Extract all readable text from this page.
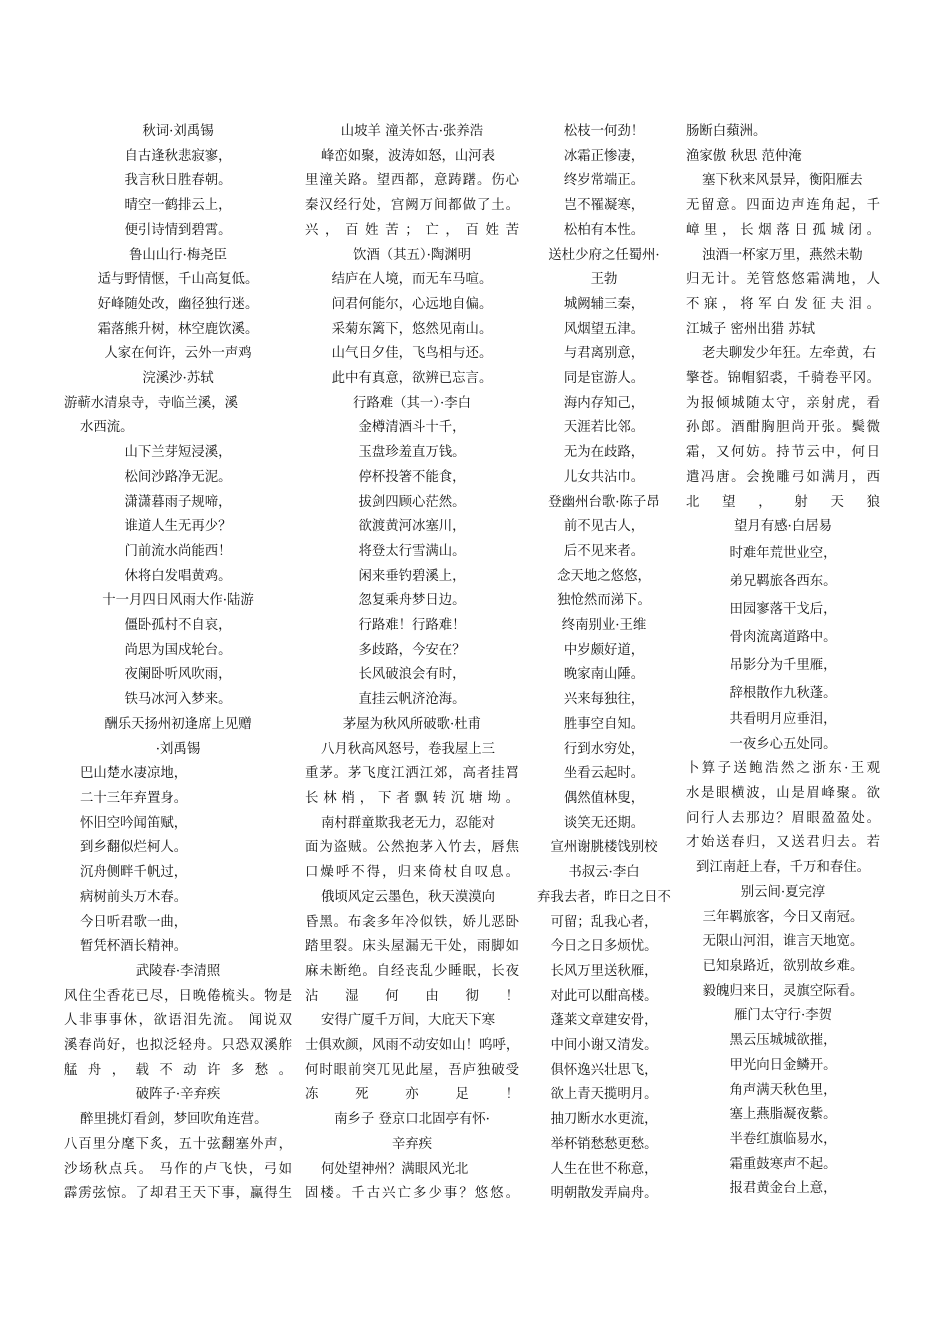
秋词·刘禹锡

自古逢秋悲寂寥，

我言秋日胜春朝。

晴空一鹤排云上，

便引诗情到碧霄。

鲁山山行·梅尧臣

适与野情惬，千山高复低。

好峰随处改，幽径独行迷。

霜落熊升树，林空鹿饮溪。

人家在何许，云外一声鸡

浣溪沙·苏轼

游蕲水清泉寺，寺临兰溪，溪

水西流。

山下兰芽短浸溪，

松间沙路净无泥。

潇潇暮雨子规啼，

谁道人生无再少？

门前流水尚能西！

休将白发唱黄鸡。

十一月四日风雨大作·陆游

僵卧孤村不自哀，

尚思为国戍轮台。

夜阑卧听风吹雨，

铁马冰河入梦来。

酬乐天扬州初逢席上见赠

·刘禹锡

巴山楚水凄凉地，

二十三年弃置身。

怀旧空吟闻笛赋，

到乡翻似烂柯人。

沉舟侧畔千帆过，

病树前头万木春。

今日听君歌一曲，

暂凭杯酒长精神。

武陵春·李清照

风住尘香花已尽，日晚倦梳头。物是

人非事事休，欲语泪先流。 闻说双

溪春尚好，也拟泛轻舟。只恐双溪舴

艋舟，载不动许多愁。

破阵子·辛弃疾

醉里挑灯看剑，梦回吹角连营。

八百里分麾下炙，五十弦翻塞外声，

沙场秋点兵。 马作的卢飞快，弓如

霹雳弦惊。了却君王天下事，赢得生

山坡羊 潼关怀古·张养浩

峰峦如聚，波涛如怒，山河表

里潼关路。望西都，意踌躇。伤心

秦汉经行处，宫阙万间都做了土。

兴，百姓苦；亡，百姓苦

饮酒（其五）·陶渊明

结庐在人境，而无车马喧。

问君何能尔，心远地自偏。

采菊东篱下，悠然见南山。

山气日夕佳，飞鸟相与还。

此中有真意，欲辨已忘言。

行路难（其一）·李白

金樽清酒斗十千，

玉盘珍羞直万钱。

停杯投箸不能食，

拔剑四顾心茫然。

欲渡黄河冰塞川，

将登太行雪满山。

闲来垂钓碧溪上，

忽复乘舟梦日边。

行路难！行路难！

多歧路，今安在？

长风破浪会有时，

直挂云帆济沧海。

茅屋为秋风所破歌·杜甫

八月秋高风怒号，卷我屋上三

重茅。茅飞度江洒江郊，高者挂罥

长林梢，下者飘转沉塘坳。

南村群童欺我老无力，忍能对

面为盗贼。公然抱茅入竹去，唇焦

口燥呼不得，归来倚杖自叹息。

俄顷风定云墨色，秋天漠漠向

昏黑。布衾多年冷似铁，娇儿恶卧

踏里裂。床头屋漏无干处，雨脚如

麻未断绝。自经丧乱少睡眠，长夜

沾湿何由彻！

安得广厦千万间，大庇天下寒

士俱欢颜，风雨不动安如山！呜呼，

何时眼前突兀见此屋，吾庐独破受

冻死亦足！

南乡子 登京口北固亭有怀·

辛弃疾

何处望神州？满眼风光北

固楼。千古兴亡多少事？悠悠。

松枝一何劲！

冰霜正惨凄，

终岁常端正。

岂不罹凝寒，

松柏有本性。

送杜少府之任蜀州·

王勃

城阙辅三秦，

风烟望五津。

与君离别意，

同是宦游人。

海内存知己，

天涯若比邻。

无为在歧路，

儿女共沾巾。

登幽州台歌·陈子昂

前不见古人，

后不见来者。

念天地之悠悠，

独怆然而涕下。

终南别业·王维

中岁颇好道，

晚家南山陲。

兴来每独往，

胜事空自知。

行到水穷处，

坐看云起时。

偶然值林叟，

谈笑无还期。

宣州谢朓楼饯别校

书叔云·李白

弃我去者，昨日之日不

可留；乱我心者，

今日之日多烦忧。

长风万里送秋雁，

对此可以酣高楼。

蓬莱文章建安骨，

中间小谢又清发。

俱怀逸兴壮思飞，

欲上青天揽明月。

抽刀断水水更流，

举杯销愁愁更愁。

人生在世不称意，

明朝散发弄扁舟。

肠断白蘋洲。

渔家傲 秋思 范仲淹

塞下秋来风景异，衡阳雁去

无留意。四面边声连角起，千

嶂里，长烟落日孤城闭。

浊酒一杯家万里，燕然未勒

归无计。羌管悠悠霜满地，人

不寐，将军白发征夫泪。

江城子 密州出猎 苏轼

老夫聊发少年狂。左牵黄，右

擎苍。锦帽貂裘，千骑卷平冈。

为报倾城随太守，亲射虎，看

孙郎。酒酣胸胆尚开张。鬓微

霜，又何妨。持节云中，何日

遣冯唐。会挽雕弓如满月，西

北望，射天狼

望月有感·白居易

时难年荒世业空，

弟兄羁旅各西东。

田园寥落干戈后，

骨肉流离道路中。

吊影分为千里雁，

辞根散作九秋蓬。

共看明月应垂泪，

一夜乡心五处同。

卜算子送鲍浩然之浙东·王观

水是眼横波，山是眉峰聚。欲

问行人去那边？眉眼盈盈处。

才始送春归，又送君归去。若

到江南赶上春，千万和春住。

别云间·夏完淳

三年羁旅客，今日又南冠。

无限山河泪，谁言天地宽。

已知泉路近，欲别故乡难。

毅魄归来日，灵旗空际看。

雁门太守行·李贺

黑云压城城欲摧，

甲光向日金鳞开。

角声满天秋色里，

塞上燕脂凝夜紫。

半卷红旗临易水，

霜重鼓寒声不起。

报君黄金台上意，
